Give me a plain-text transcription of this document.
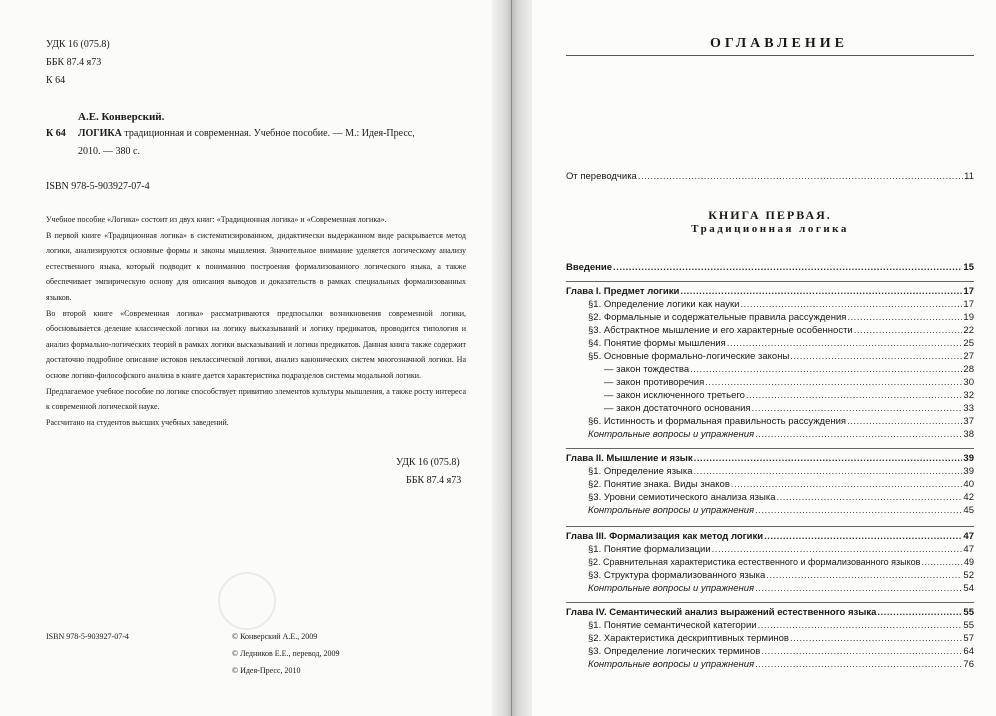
УДК 16 (075.8)
ББК 87.4 я73
К 64
А.Е. Конверский.
К 64 ЛОГИКА традиционная и современная. Учебное пособие. — М.: Идея-Пресс,
2010. — 380 с.
ISBN 978-5-903927-07-4

Учебное пособие «Логика» состоит из двух книг: «Традиционная логика» и «Современная логика».

В первой книге «Традиционная логика» в систематизированном, дидактически выдержанном виде раскрывается метод логики, анализируются основные формы и законы мышления. Значительное внимание уделяется логическому анализу естественного языка, который подводит к пониманию построения формализованного логического языка, а также обеспечивает эмпирическую основу для описания выводов и доказательств в рамках специальных формализованных языков.

Во второй книге «Современная логика» рассматриваются предпосылки возникновения современной логики, обосновывается деление классической логики на логику высказываний и логику предикатов, проводится типология и анализ формально-логических теорий в рамках логики высказываний и логики предикатов. Данная книга также содержит достаточно подробное описание истоков неклассической логики, анализ канонических систем многозначной логики. На основе логико-философского анализа в книге дается характеристика подразделов системы модальной логики.

Предлагаемое учебное пособие по логике способствует привитию элементов культуры мышления, а также росту интереса к современной логической науке.

Рассчитано на студентов высших учебных заведений.

УДК 16 (075.8)
ББК 87.4 я73
ISBN 978-5-903927-07-4	© Конверский А.Е., 2009
© Ледников Е.Е., перевод, 2009
© Идея-Пресс, 2010
ОГЛАВЛЕНИЕ
От переводчика .....	11
КНИГА ПЕРВАЯ.
Традиционная логика
Введение .....	15
Глава I. Предмет логики .....	17
§1. Определение логики как науки .....	17
§2. Формальные и содержательные правила рассуждения .....	19
§3. Абстрактное мышление и его характерные особенности .....	22
§4. Понятие формы мышления .....	25
§5. Основные формально-логические законы .....	27
— закон тождества .....	28
— закон противоречия .....	30
— закон исключенного третьего .....	32
— закон достаточного основания .....	33
§6. Истинность и формальная правильность рассуждения .....	37
Контрольные вопросы и упражнения .....	38
Глава II. Мышление и язык .....	39
§1. Определение языка .....	39
§2. Понятие знака. Виды знаков .....	40
§3. Уровни семиотического анализа языка .....	42
Контрольные вопросы и упражнения .....	45
Глава III. Формализация как метод логики .....	47
§1. Понятие формализации .....	47
§2. Сравнительная характеристика естественного и формализованного языков .....	49
§3. Структура формализованного языка .....	52
Контрольные вопросы и упражнения .....	54
Глава IV. Семантический анализ выражений естественного языка .....	55
§1. Понятие семантической категории .....	55
§2. Характеристика дескриптивных терминов .....	57
§3. Определение логических терминов .....	64
Контрольные вопросы и упражнения .....	76
